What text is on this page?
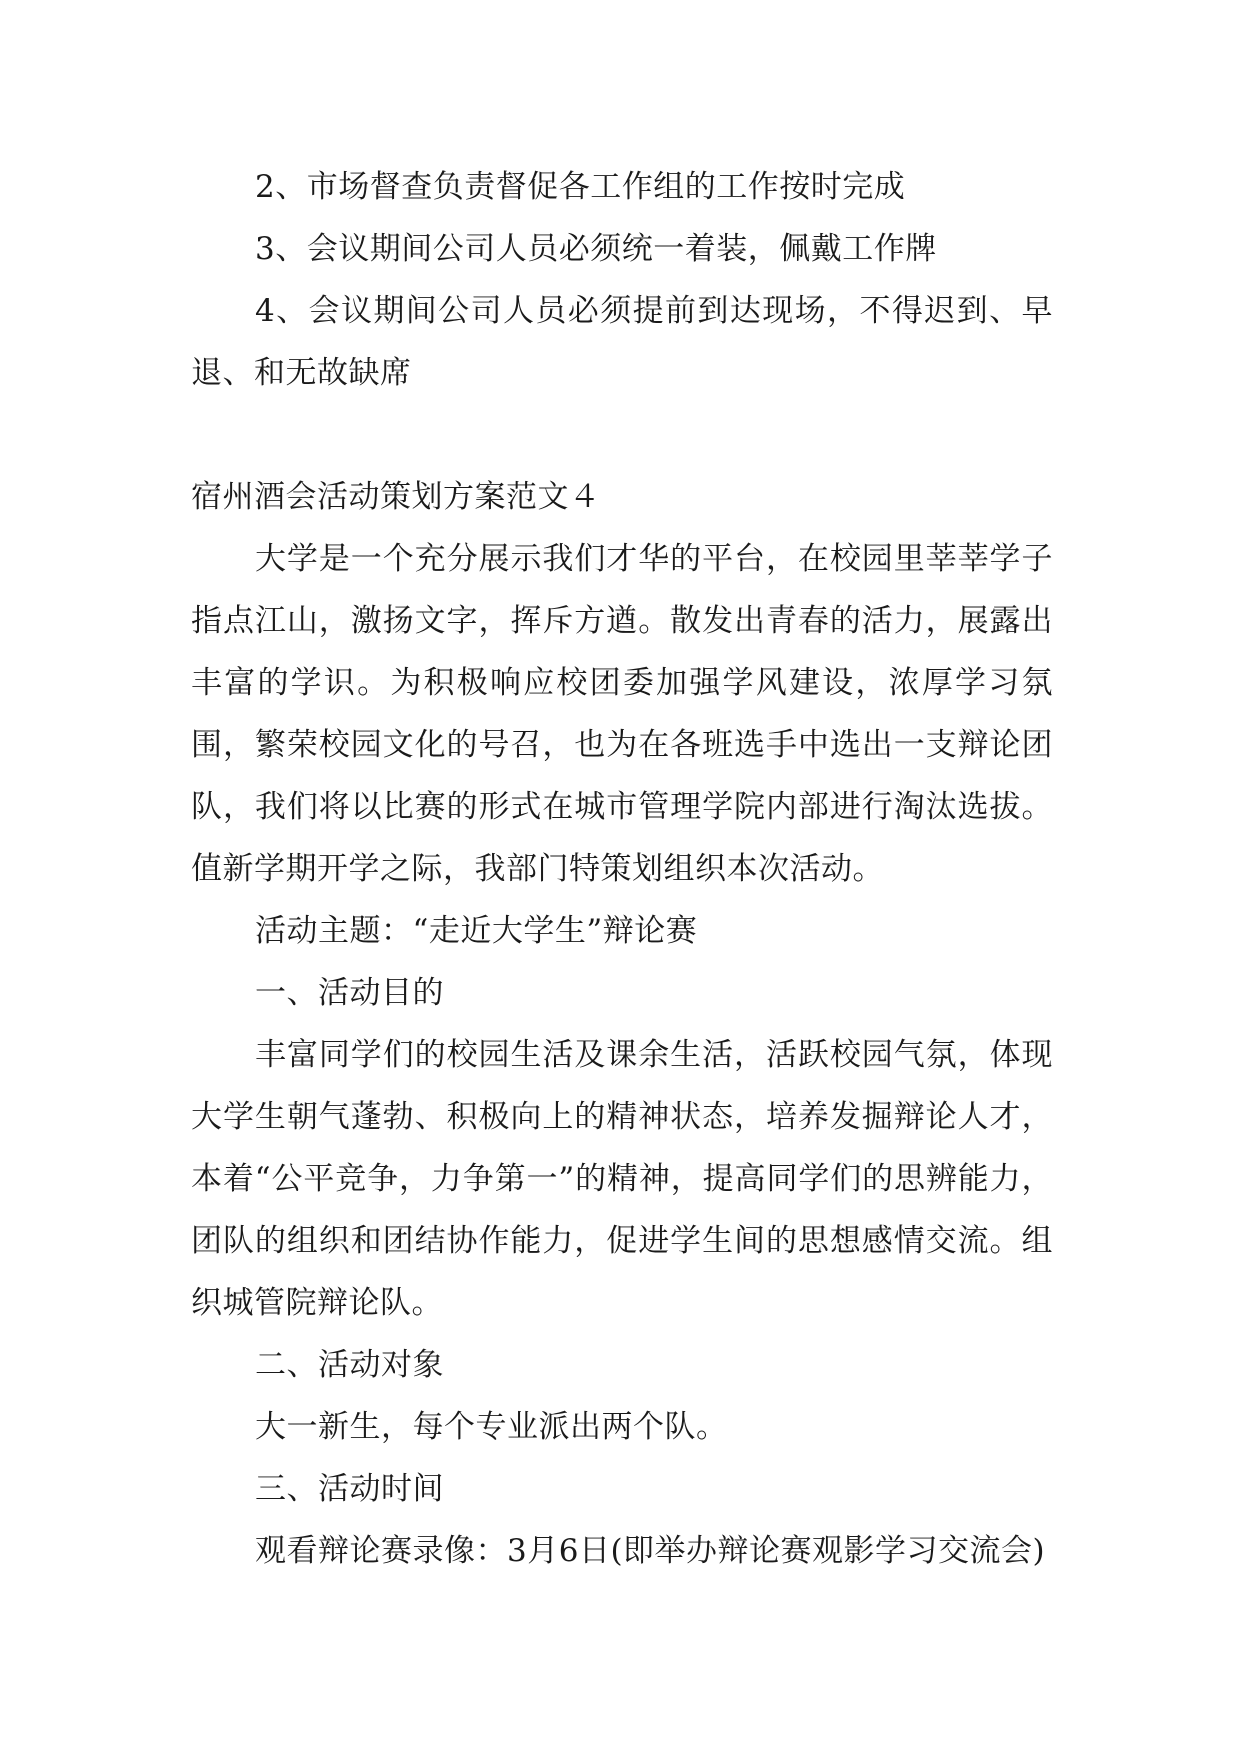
2、市场督查负责督促各工作组的工作按时完成

3、会议期间公司人员必须统一着装，佩戴工作牌

4、会议期间公司人员必须提前到达现场，不得迟到、早退、和无故缺席

宿州酒会活动策划方案范文４

大学是一个充分展示我们才华的平台，在校园里莘莘学子指点江山，激扬文字，挥斥方遒。散发出青春的活力，展露出丰富的学识。为积极响应校团委加强学风建设，浓厚学习氛围，繁荣校园文化的号召，也为在各班选手中选出一支辩论团队，我们将以比赛的形式在城市管理学院内部进行淘汰选拔。值新学期开学之际，我部门特策划组织本次活动。

活动主题：“走近大学生”辩论赛

一、活动目的

丰富同学们的校园生活及课余生活，活跃校园气氛，体现大学生朝气蓬勃、积极向上的精神状态，培养发掘辩论人才，本着“公平竞争，力争第一”的精神，提高同学们的思辨能力，团队的组织和团结协作能力，促进学生间的思想感情交流。组织城管院辩论队。

二、活动对象

大一新生，每个专业派出两个队。

三、活动时间

观看辩论赛录像：3月6日(即举办辩论赛观影学习交流会)
